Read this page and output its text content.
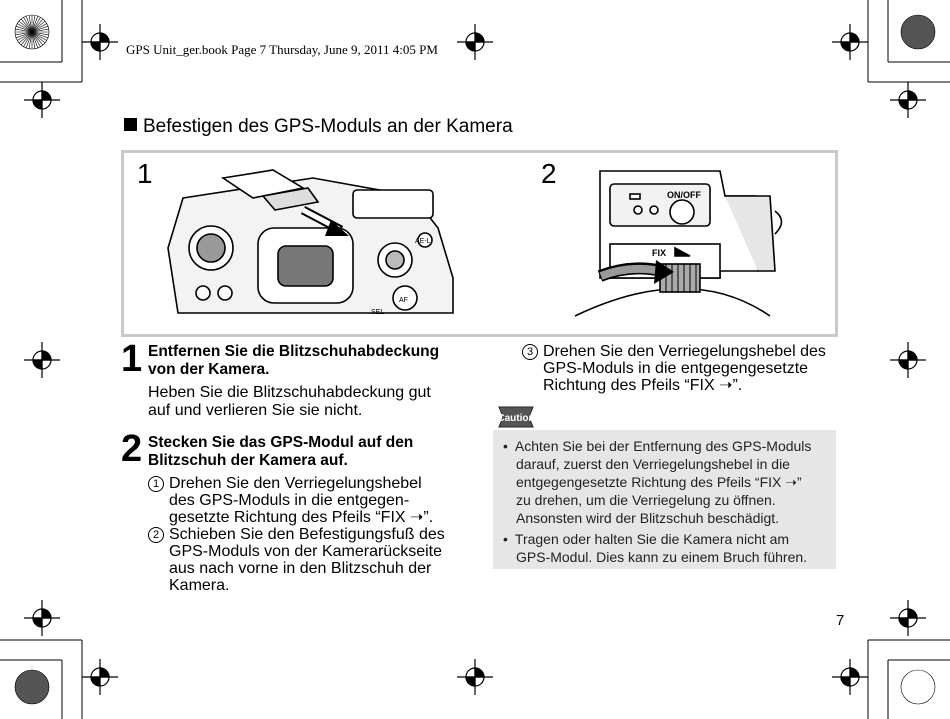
GPS Unit_ger.book Page 7 Thursday, June 9, 2011 4:05 PM
Befestigen des GPS-Moduls an der Kamera
1	2
AE-L
SEL
AF
ON/OFF
FIX
1 Entfernen Sie die Blitzschuhabdeckung
von der Kamera.
Heben Sie die Blitzschuhabdeckung gut
auf und verlieren Sie sie nicht.
2 Stecken Sie das GPS-Modul auf den
Blitzschuh der Kamera auf.
1 Drehen Sie den Verriegelungshebel
des GPS-Moduls in die entgegen-
gesetzte Richtung des Pfeils “FIX ➝”.
2 Schieben Sie den Befestigungsfuß des
GPS-Moduls von der Kamerarückseite
aus nach vorne in den Blitzschuh der
Kamera.
3 Drehen Sie den Verriegelungshebel des
GPS-Moduls in die entgegengesetzte
Richtung des Pfeils “FIX ➝”.
Caution
• Achten Sie bei der Entfernung des GPS-Moduls
darauf, zuerst den Verriegelungshebel in die
entgegengesetzte Richtung des Pfeils “FIX ➝”
zu drehen, um die Verriegelung zu öffnen.
Ansonsten wird der Blitzschuh beschädigt.
• Tragen oder halten Sie die Kamera nicht am
GPS-Modul. Dies kann zu einem Bruch führen.
7
